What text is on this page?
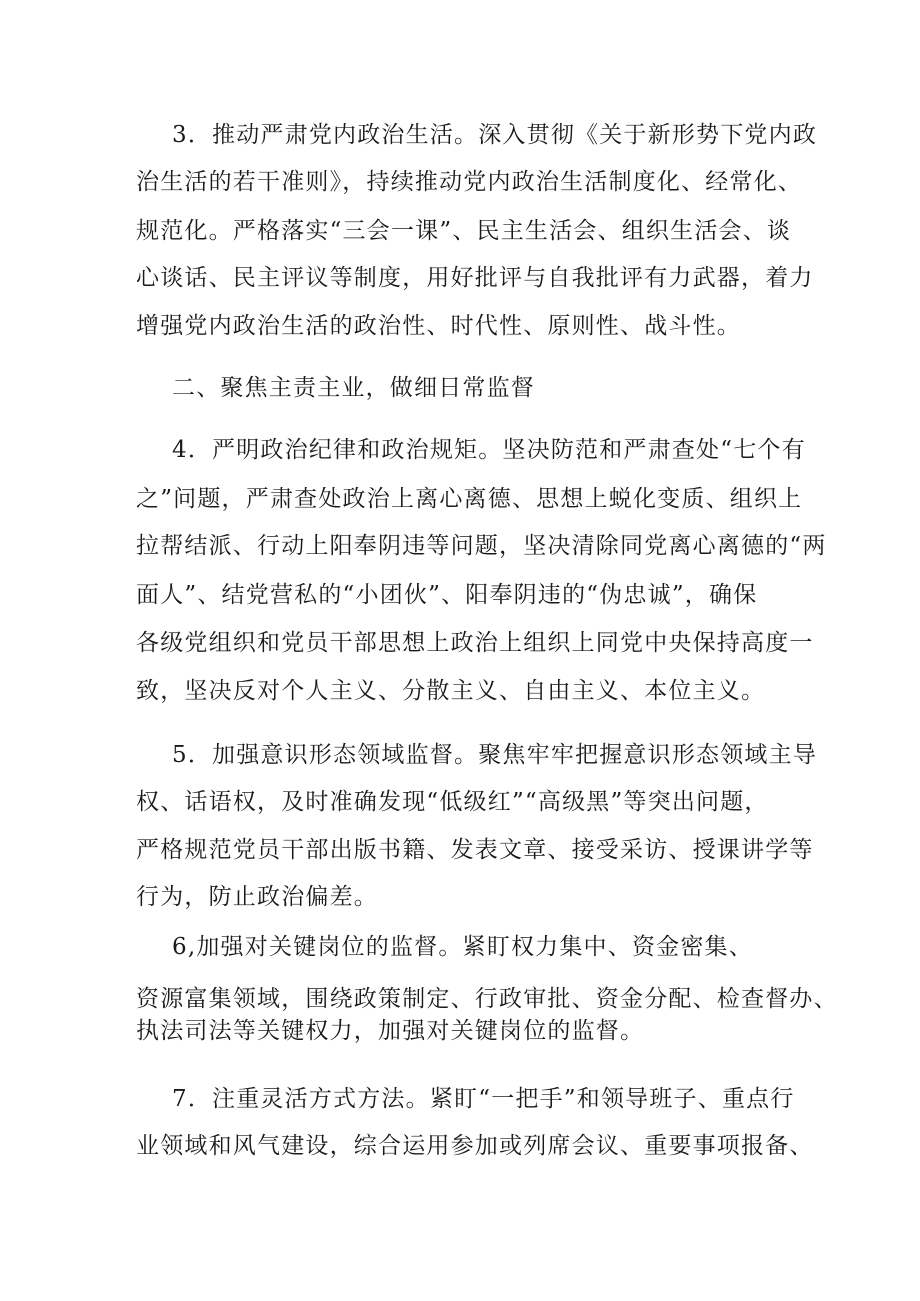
3．推动严肃党内政治生活。深入贯彻《关于新形势下党内政
治生活的若干准则》，持续推动党内政治生活制度化、经常化、
规范化。严格落实“三会一课”、民主生活会、组织生活会、谈
心谈话、民主评议等制度，用好批评与自我批评有力武器，着力
增强党内政治生活的政治性、时代性、原则性、战斗性。
二、聚焦主责主业，做细日常监督
4．严明政治纪律和政治规矩。坚决防范和严肃查处“七个有
之”问题，严肃查处政治上离心离德、思想上蜕化变质、组织上
拉帮结派、行动上阳奉阴违等问题，坚决清除同党离心离德的“两
面人”、结党营私的“小团伙”、阳奉阴违的“伪忠诚”，确保
各级党组织和党员干部思想上政治上组织上同党中央保持高度一
致，坚决反对个人主义、分散主义、自由主义、本位主义。
5．加强意识形态领域监督。聚焦牢牢把握意识形态领域主导
权、话语权，及时准确发现“低级红”“高级黑”等突出问题，
严格规范党员干部出版书籍、发表文章、接受采访、授课讲学等
行为，防止政治偏差。
6,加强对关键岗位的监督。紧盯权力集中、资金密集、
资源富集领域，围绕政策制定、行政审批、资金分配、检查督办、
执法司法等关键权力，加强对关键岗位的监督。
7．注重灵活方式方法。紧盯“一把手”和领导班子、重点行
业领域和风气建设，综合运用参加或列席会议、重要事项报备、
